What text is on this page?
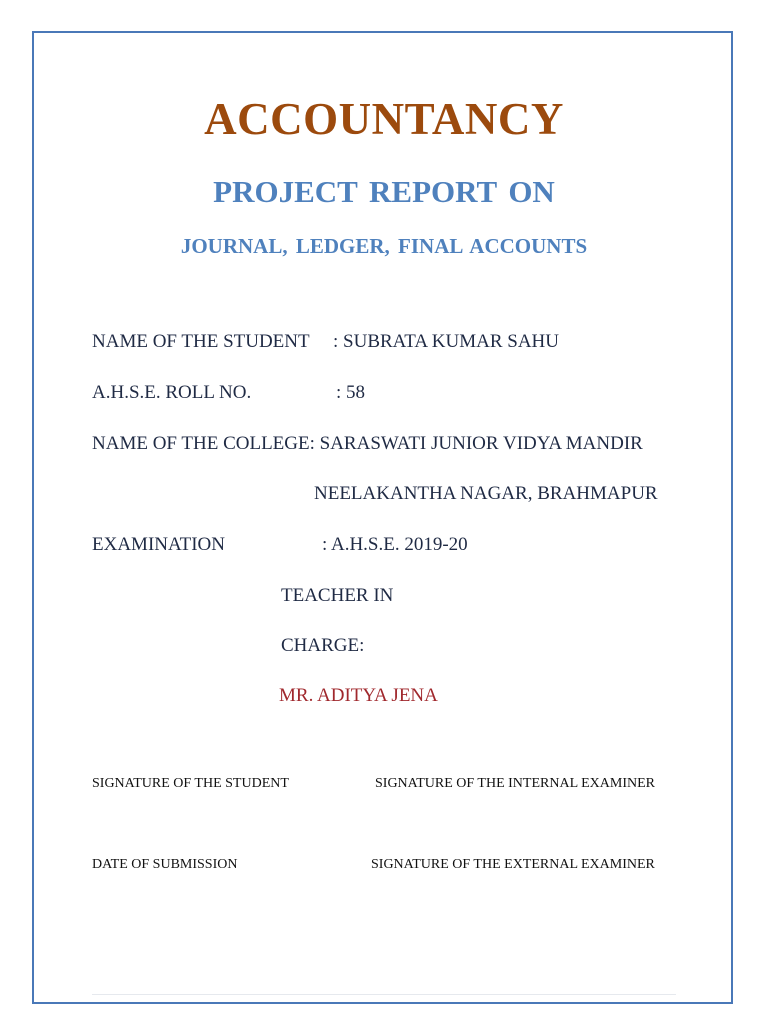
ACCOUNTANCY
PROJECT REPORT ON
JOURNAL, LEDGER, FINAL ACCOUNTS
NAME OF THE STUDENT : SUBRATA KUMAR SAHU
A.H.S.E. ROLL NO.	: 58
NAME OF THE COLLEGE: SARASWATI JUNIOR VIDYA MANDIR
NEELAKANTHA NAGAR, BRAHMAPUR
EXAMINATION	: A.H.S.E. 2019-20
TEACHER IN
CHARGE:
MR. ADITYA JENA
SIGNATURE OF THE STUDENT	SIGNATURE OF THE INTERNAL EXAMINER
DATE OF SUBMISSION	SIGNATURE OF THE EXTERNAL EXAMINER
